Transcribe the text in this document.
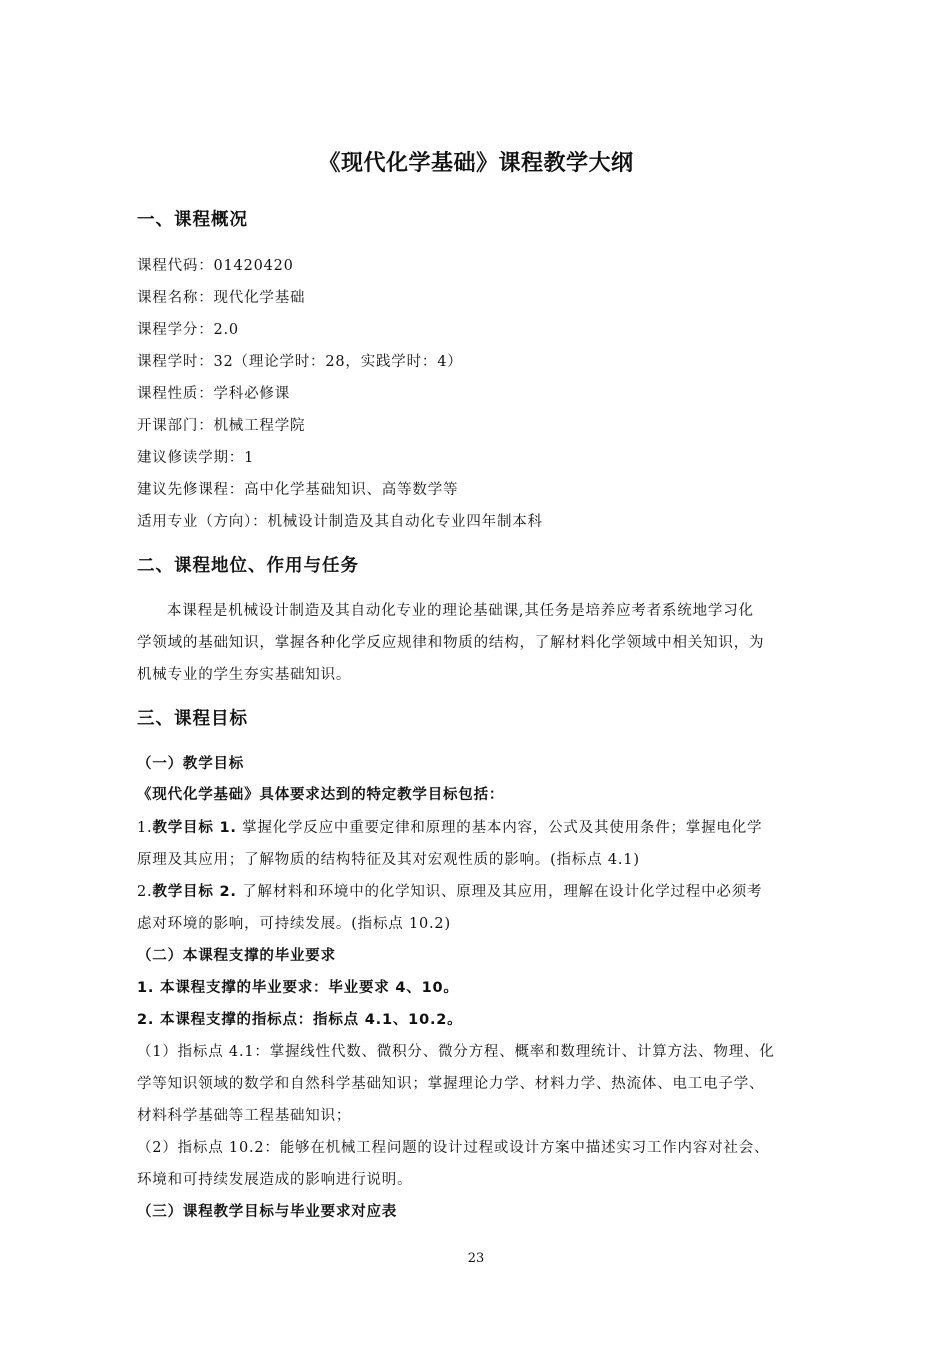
《现代化学基础》课程教学大纲
一、课程概况
课程代码：01420420
课程名称：现代化学基础
课程学分：2.0
课程学时：32（理论学时：28，实践学时：4）
课程性质：学科必修课
开课部门：机械工程学院
建议修读学期：1
建议先修课程：高中化学基础知识、高等数学等
适用专业（方向）：机械设计制造及其自动化专业四年制本科
二、课程地位、作用与任务
本课程是机械设计制造及其自动化专业的理论基础课,其任务是培养应考者系统地学习化
学领域的基础知识，掌握各种化学反应规律和物质的结构，了解材料化学领域中相关知识，为
机械专业的学生夯实基础知识。
三、课程目标
（一）教学目标
《现代化学基础》具体要求达到的特定教学目标包括：
1.教学目标 1. 掌握化学反应中重要定律和原理的基本内容，公式及其使用条件；掌握电化学
原理及其应用；了解物质的结构特征及其对宏观性质的影响。(指标点 4.1)
2.教学目标 2. 了解材料和环境中的化学知识、原理及其应用，理解在设计化学过程中必须考
虑对环境的影响，可持续发展。(指标点 10.2)
（二）本课程支撑的毕业要求
1. 本课程支撑的毕业要求：毕业要求 4、10。
2. 本课程支撑的指标点：指标点 4.1、10.2。
（1）指标点 4.1：掌握线性代数、微积分、微分方程、概率和数理统计、计算方法、物理、化
学等知识领域的数学和自然科学基础知识；掌握理论力学、材料力学、热流体、电工电子学、
材料科学基础等工程基础知识；
（2）指标点 10.2：能够在机械工程问题的设计过程或设计方案中描述实习工作内容对社会、
环境和可持续发展造成的影响进行说明。
（三）课程教学目标与毕业要求对应表
23
